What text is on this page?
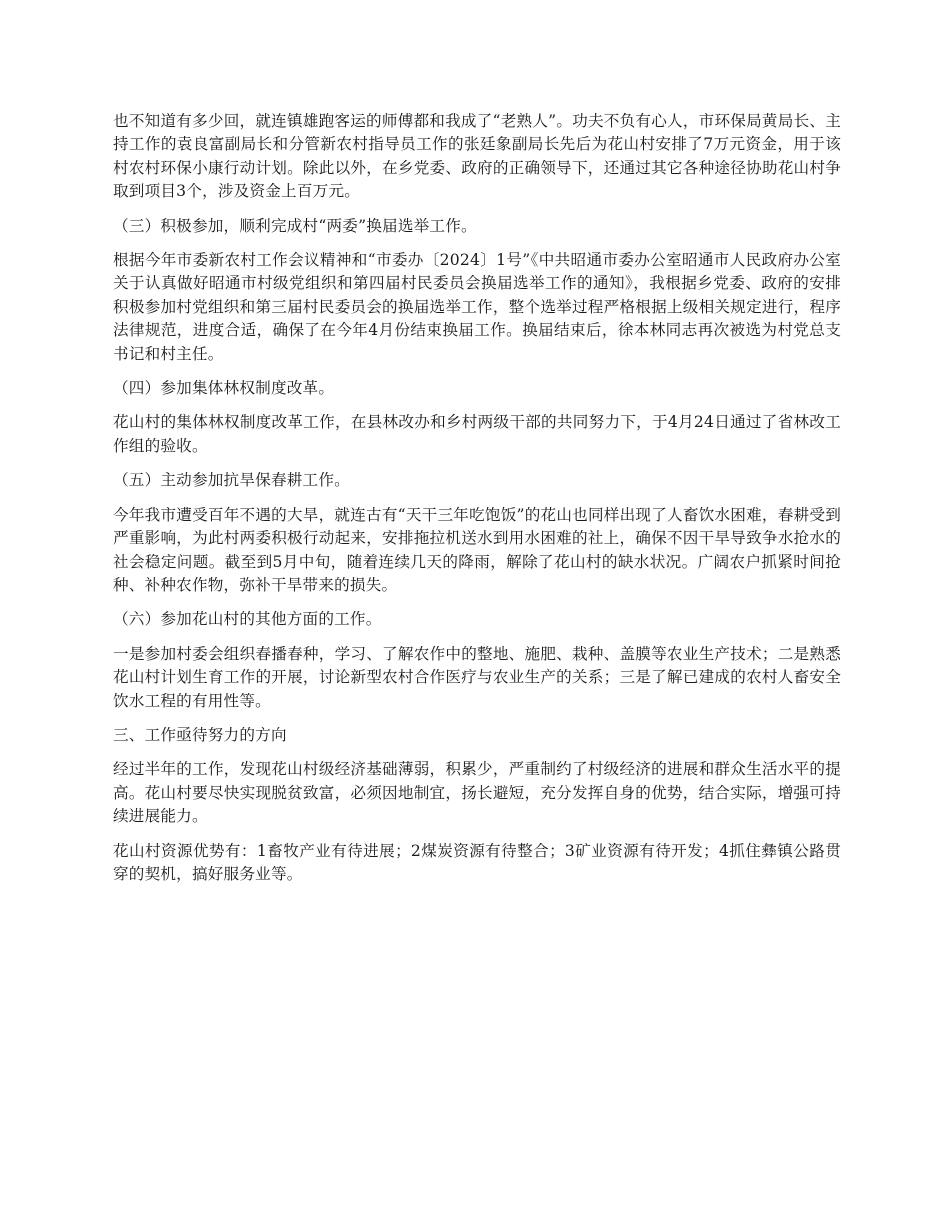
也不知道有多少回，就连镇雄跑客运的师傅都和我成了“老熟人”。功夫不负有心人，市环保局黄局长、主持工作的袁良富副局长和分管新农村指导员工作的张廷象副局长先后为花山村安排了7万元资金，用于该村农村环保小康行动计划。除此以外，在乡党委、政府的正确领导下，还通过其它各种途径协助花山村争取到项目3个，涉及资金上百万元。

（三）积极参加，顺利完成村“两委”换届选举工作。

根据今年市委新农村工作会议精神和“市委办〔2024〕1号”《中共昭通市委办公室昭通市人民政府办公室关于认真做好昭通市村级党组织和第四届村民委员会换届选举工作的通知》，我根据乡党委、政府的安排积极参加村党组织和第三届村民委员会的换届选举工作，整个选举过程严格根据上级相关规定进行，程序法律规范，进度合适，确保了在今年4月份结束换届工作。换届结束后，徐本林同志再次被选为村党总支书记和村主任。

（四）参加集体林权制度改革。

花山村的集体林权制度改革工作，在县林改办和乡村两级干部的共同努力下，于4月24日通过了省林改工作组的验收。

（五）主动参加抗旱保春耕工作。

今年我市遭受百年不遇的大旱，就连古有“天干三年吃饱饭”的花山也同样出现了人畜饮水困难，春耕受到严重影响，为此村两委积极行动起来，安排拖拉机送水到用水困难的社上，确保不因干旱导致争水抢水的社会稳定问题。截至到5月中旬，随着连续几天的降雨，解除了花山村的缺水状况。广阔农户抓紧时间抢种、补种农作物，弥补干旱带来的损失。

（六）参加花山村的其他方面的工作。

一是参加村委会组织春播春种，学习、了解农作中的整地、施肥、栽种、盖膜等农业生产技术；二是熟悉花山村计划生育工作的开展，讨论新型农村合作医疗与农业生产的关系；三是了解已建成的农村人畜安全饮水工程的有用性等。

三、工作亟待努力的方向

经过半年的工作，发现花山村级经济基础薄弱，积累少，严重制约了村级经济的进展和群众生活水平的提高。花山村要尽快实现脱贫致富，必须因地制宜，扬长避短，充分发挥自身的优势，结合实际，增强可持续进展能力。

花山村资源优势有：1畜牧产业有待进展；2煤炭资源有待整合；3矿业资源有待开发；4抓住彝镇公路贯穿的契机，搞好服务业等。
